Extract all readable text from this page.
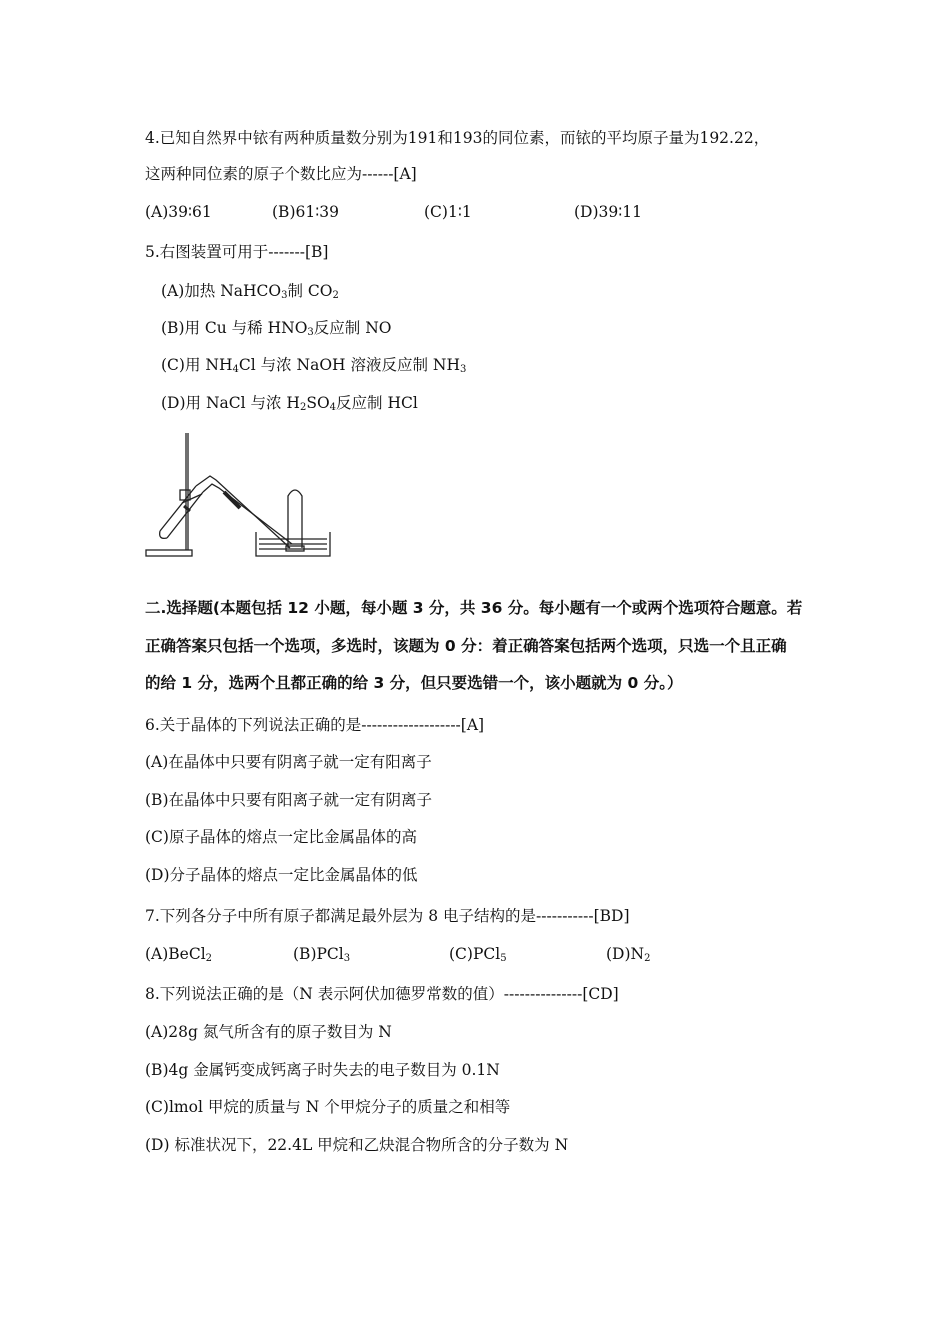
4.已知自然界中铱有两种质量数分别为191和193的同位素，而铱的平均原子量为192.22，
这两种同位素的原子个数比应为------[A]
(A)39∶61	(B)61∶39	(C)1∶1	(D)39∶11
5.右图装置可用于-------[B]
(A)加热 NaHCO$_3$制 $CO_2$
(B)用 Cu 与稀 $HNO_3$反应制 NO
(C)用 $NH_4Cl$ 与浓 NaOH 溶液反应制 $NH_3$
(D)用 NaCl 与浓 $H_2SO_4$反应制 HCl
二.选择题(本题包括 12 小题，每小题 3 分，共 36 分。每小题有一个或两个选项符合题意。若
正确答案只包括一个选项，多选时，该题为 0 分：着正确答案包括两个选项，只选一个且正确
的给 1 分，选两个且都正确的给 3 分，但只要选错一个，该小题就为 0 分。）
6.关于晶体的下列说法正确的是-------------------[A]
(A)在晶体中只要有阴离子就一定有阳离子
(B)在晶体中只要有阳离子就一定有阴离子
(C)原子晶体的熔点一定比金属晶体的高
(D)分子晶体的熔点一定比金属晶体的低
7.下列各分子中所有原子都满足最外层为 8 电子结构的是-----------[BD]
(A)BeCl$_2$	(B)PCl$_3$	(C)PCl$_5$	$(D)N_2$
8.下列说法正确的是（N 表示阿伏加德罗常数的值）---------------[CD]
(A)28g 氮气所含有的原子数目为 N
(B)4g 金属钙变成钙离子时失去的电子数目为 0.1N
(C)lmol 甲烷的质量与 N 个甲烷分子的质量之和相等
(D) 标准状况下，22.4L 甲烷和乙炔混合物所含的分子数为 N
